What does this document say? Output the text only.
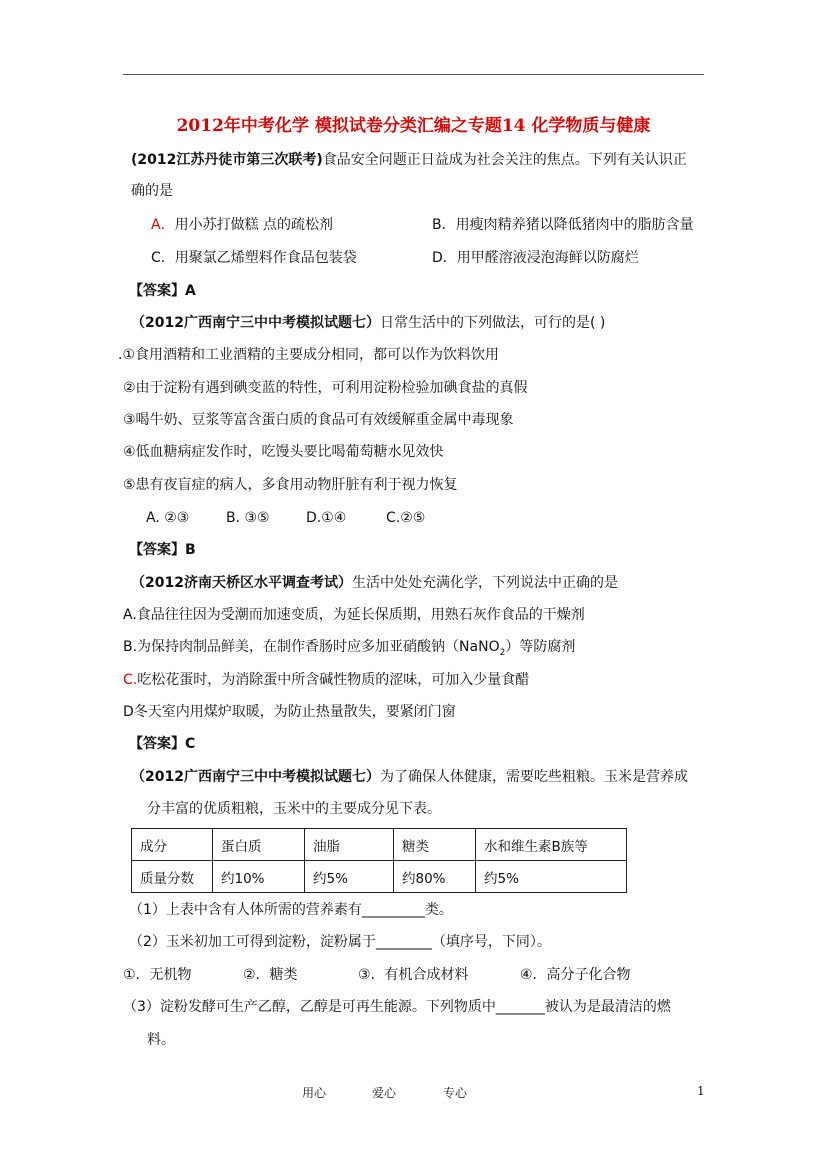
2012年中考化学 模拟试卷分类汇编之专题14 化学物质与健康
(2012江苏丹徒市第三次联考)食品安全问题正日益成为社会关注的焦点。下列有关认识正
确的是
A．用小苏打做糕 点的疏松剂	B．用瘦肉精养猪以降低猪肉中的脂肪含量
C．用聚氯乙烯塑料作食品包装袋	D．用甲醛溶液浸泡海鲜以防腐烂
【答案】A
（2012广西南宁三中中考模拟试题七）日常生活中的下列做法，可行的是( )
.①食用酒精和工业酒精的主要成分相同，都可以作为饮料饮用
②由于淀粉有遇到碘变蓝的特性，可利用淀粉检验加碘食盐的真假
③喝牛奶、豆浆等富含蛋白质的食品可有效缓解重金属中毒现象
④低血糖病症发作时，吃馒头要比喝葡萄糖水见效快
⑤患有夜盲症的病人，多食用动物肝脏有利于视力恢复
A. ②③	B. ③⑤	D.①④	C.②⑤
【答案】B
（2012济南天桥区水平调查考试）生活中处处充满化学，下列说法中正确的是
A.食品往往因为受潮而加速变质，为延长保质期，用熟石灰作食品的干燥剂
B.为保持肉制品鲜美，在制作香肠时应多加亚硝酸钠（NaNO$_2$）等防腐剂
C.吃松花蛋时，为消除蛋中所含碱性物质的涩味，可加入少量食醋
D冬天室内用煤炉取暖，为防止热量散失，要紧闭门窗
【答案】C
（2012广西南宁三中中考模拟试题七）为了确保人体健康，需要吃些粗粮。玉米是营养成
分丰富的优质粗粮，玉米中的主要成分见下表。
成分	蛋白质	油脂	糖类	水和维生素B族等
质量分数	约10%	约5%	约80%	约5%
（1）上表中含有人体所需的营养素有_________类。
（2）玉米初加工可得到淀粉，淀粉属于________（填序号，下同）。
①．无机物	②．糖类	③．有机合成材料	④．高分子化合物
（3）淀粉发酵可生产乙醇，乙醇是可再生能源。下列物质中_______被认为是最清洁的燃
料。
用心	爱心	专心	1
